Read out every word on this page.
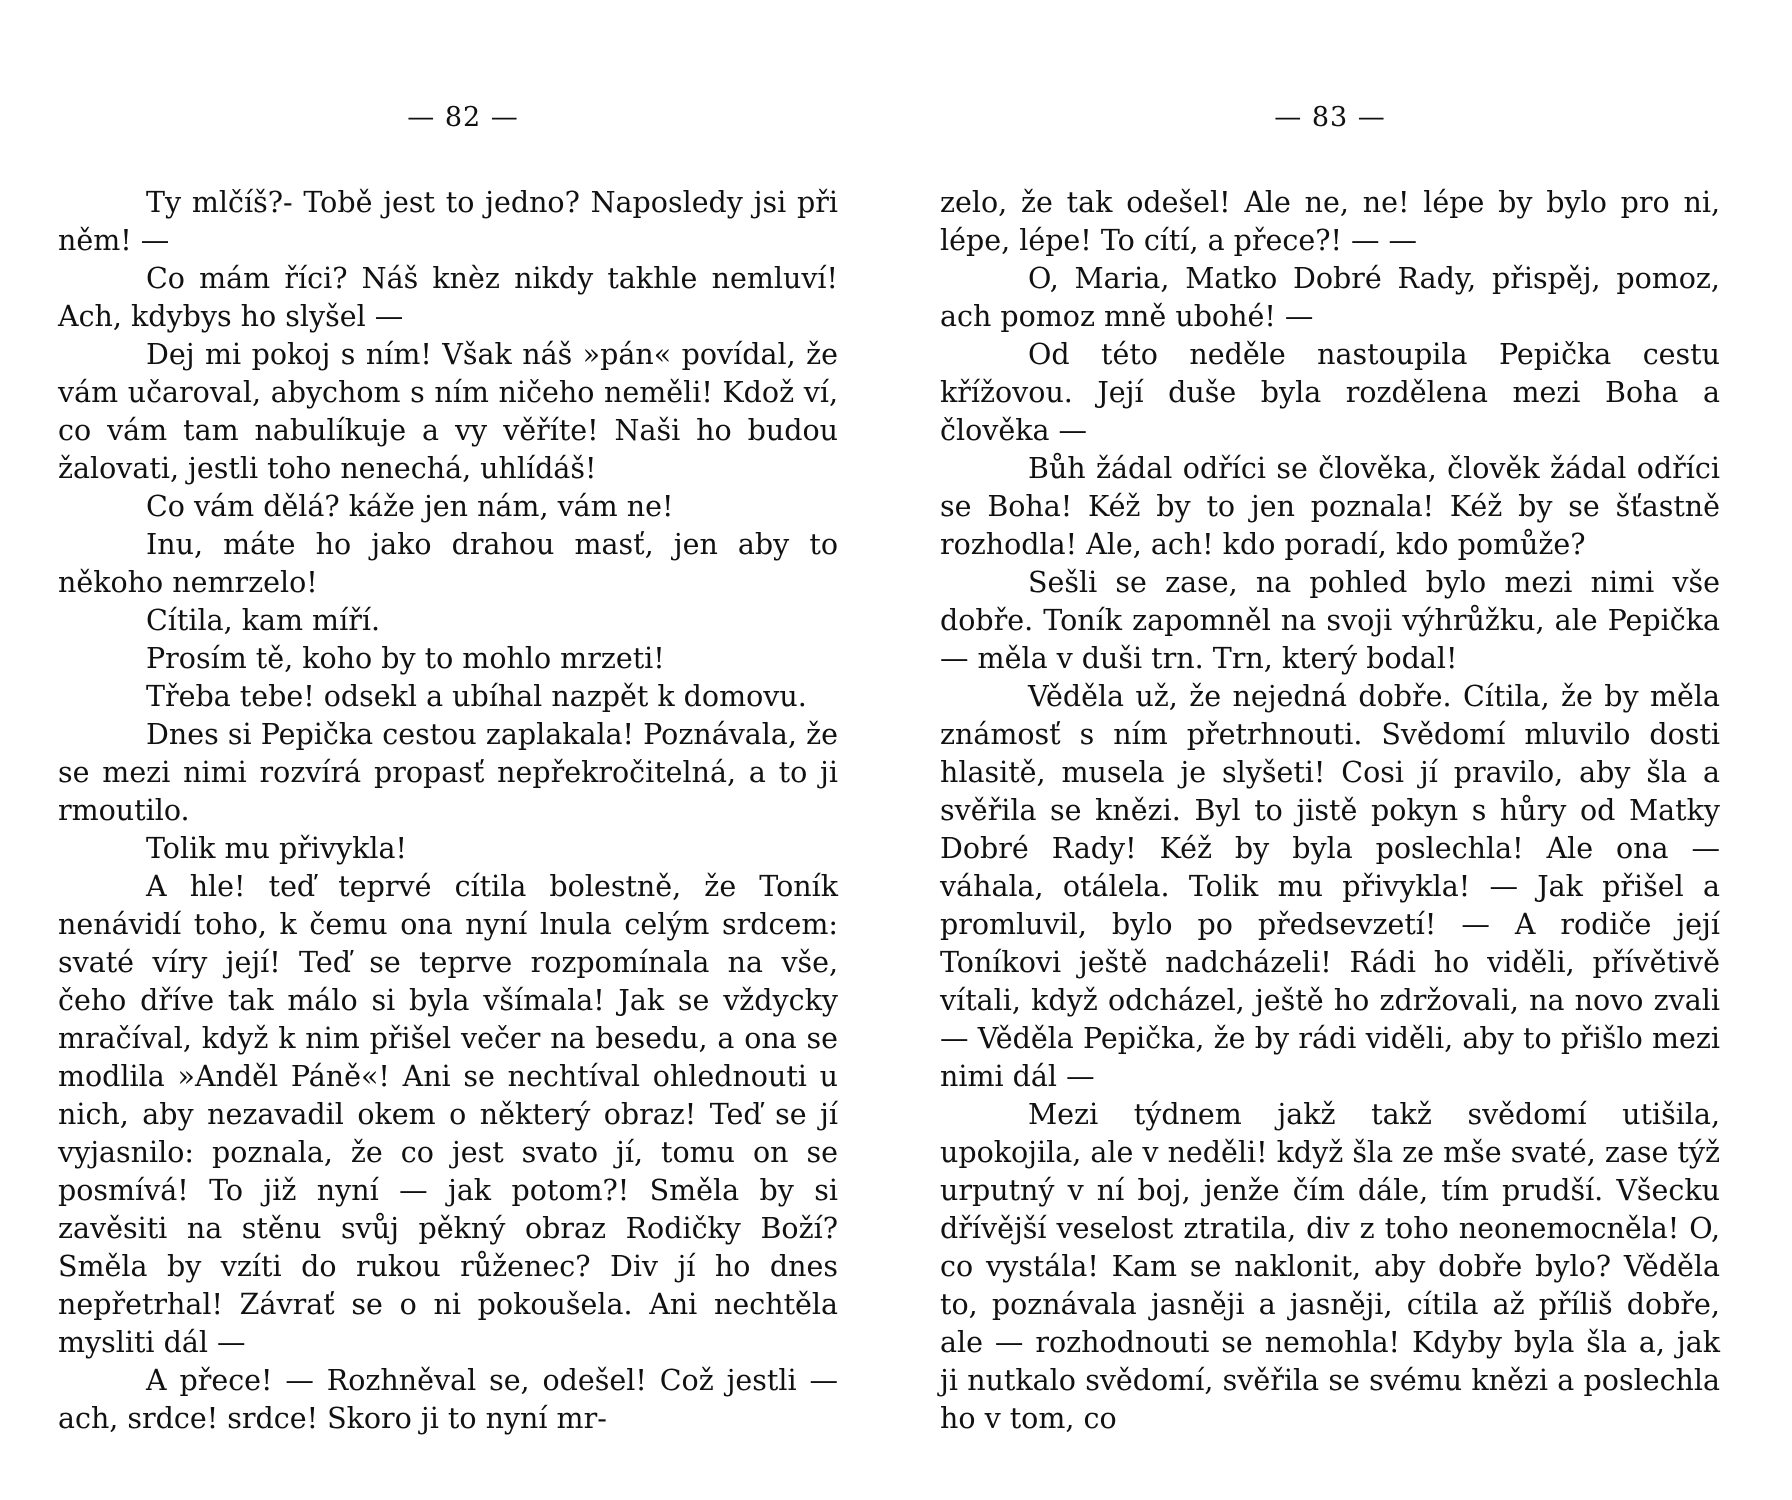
— 82 —

Ty mlčíš?- Tobě jest to jedno? Naposledy jsi při něm! —

Co mám říci? Náš knèz nikdy takhle nemluví! Ach, kdybys ho slyšel —

Dej mi pokoj s ním! Však náš »pán« povídal, že vám učaroval, abychom s ním ničeho neměli! Kdož ví, co vám tam nabulíkuje a vy věříte! Naši ho budou žalovati, jestli toho nenechá, uhlídáš!

Co vám dělá? káže jen nám, vám ne!

Inu, máte ho jako drahou masť, jen aby to někoho nemrzelo!

Cítila, kam míří.

Prosím tě, koho by to mohlo mrzeti!

Třeba tebe! odsekl a ubíhal nazpět k domovu.

Dnes si Pepička cestou zaplakala! Poznávala, že se mezi nimi rozvírá propasť nepřekročitelná, a to ji rmoutilo.

Tolik mu přivykla!

A hle! teď teprvé cítila bolestně, že Toník nenávidí toho, k čemu ona nyní lnula celým srdcem: svaté víry její! Teď se teprve rozpomínala na vše, čeho dříve tak málo si byla všímala! Jak se vždycky mračíval, když k nim přišel večer na besedu, a ona se modlila »Anděl Páně«! Ani se nechtíval ohlednouti u nich, aby nezavadil okem o některý obraz! Teď se jí vyjasnilo: poznala, že co jest svato jí, tomu on se posmívá! To již nyní — jak potom?! Směla by si zavěsiti na stěnu svůj pěkný obraz Rodičky Boží? Směla by vzíti do rukou růženec? Div jí ho dnes nepřetrhal! Závrať se o ni pokoušela. Ani nechtěla mysliti dál —

A přece! — Rozhněval se, odešel! Což jestli — ach, srdce! srdce! Skoro ji to nyní mr-

— 83 —

zelo, že tak odešel! Ale ne, ne! lépe by bylo pro ni, lépe, lépe! To cítí, a přece?! — —

O, Maria, Matko Dobré Rady, přispěj, pomoz, ach pomoz mně ubohé! —

Od této neděle nastoupila Pepička cestu křížovou. Její duše byla rozdělena mezi Boha a člověka —

Bůh žádal odříci se člověka, člověk žádal odříci se Boha! Kéž by to jen poznala! Kéž by se šťastně rozhodla! Ale, ach! kdo poradí, kdo pomůže?

Sešli se zase, na pohled bylo mezi nimi vše dobře. Toník zapomněl na svoji výhrůžku, ale Pepička — měla v duši trn. Trn, který bodal!

Věděla už, že nejedná dobře. Cítila, že by měla známosť s ním přetrhnouti. Svědomí mluvilo dosti hlasitě, musela je slyšeti! Cosi jí pravilo, aby šla a svěřila se knězi. Byl to jistě pokyn s hůry od Matky Dobré Rady! Kéž by byla poslechla! Ale ona — váhala, otálela. Tolik mu přivykla! — Jak přišel a promluvil, bylo po předsevzetí! — A rodiče její Toníkovi ještě nadcházeli! Rádi ho viděli, přívětivě vítali, když odcházel, ještě ho zdržovali, na novo zvali — Věděla Pepička, že by rádi viděli, aby to přišlo mezi nimi dál —

Mezi týdnem jakž takž svědomí utišila, upokojila, ale v neděli! když šla ze mše svaté, zase týž urputný v ní boj, jenže čím dále, tím prudší. Všecku dřívější veselost ztratila, div z toho neonemocněla! O, co vystála! Kam se naklonit, aby dobře bylo? Věděla to, poznávala jasněji a jasněji, cítila až příliš dobře, ale — rozhodnouti se nemohla! Kdyby byla šla a, jak ji nutkalo svědomí, svěřila se svému knězi a poslechla ho v tom, co
